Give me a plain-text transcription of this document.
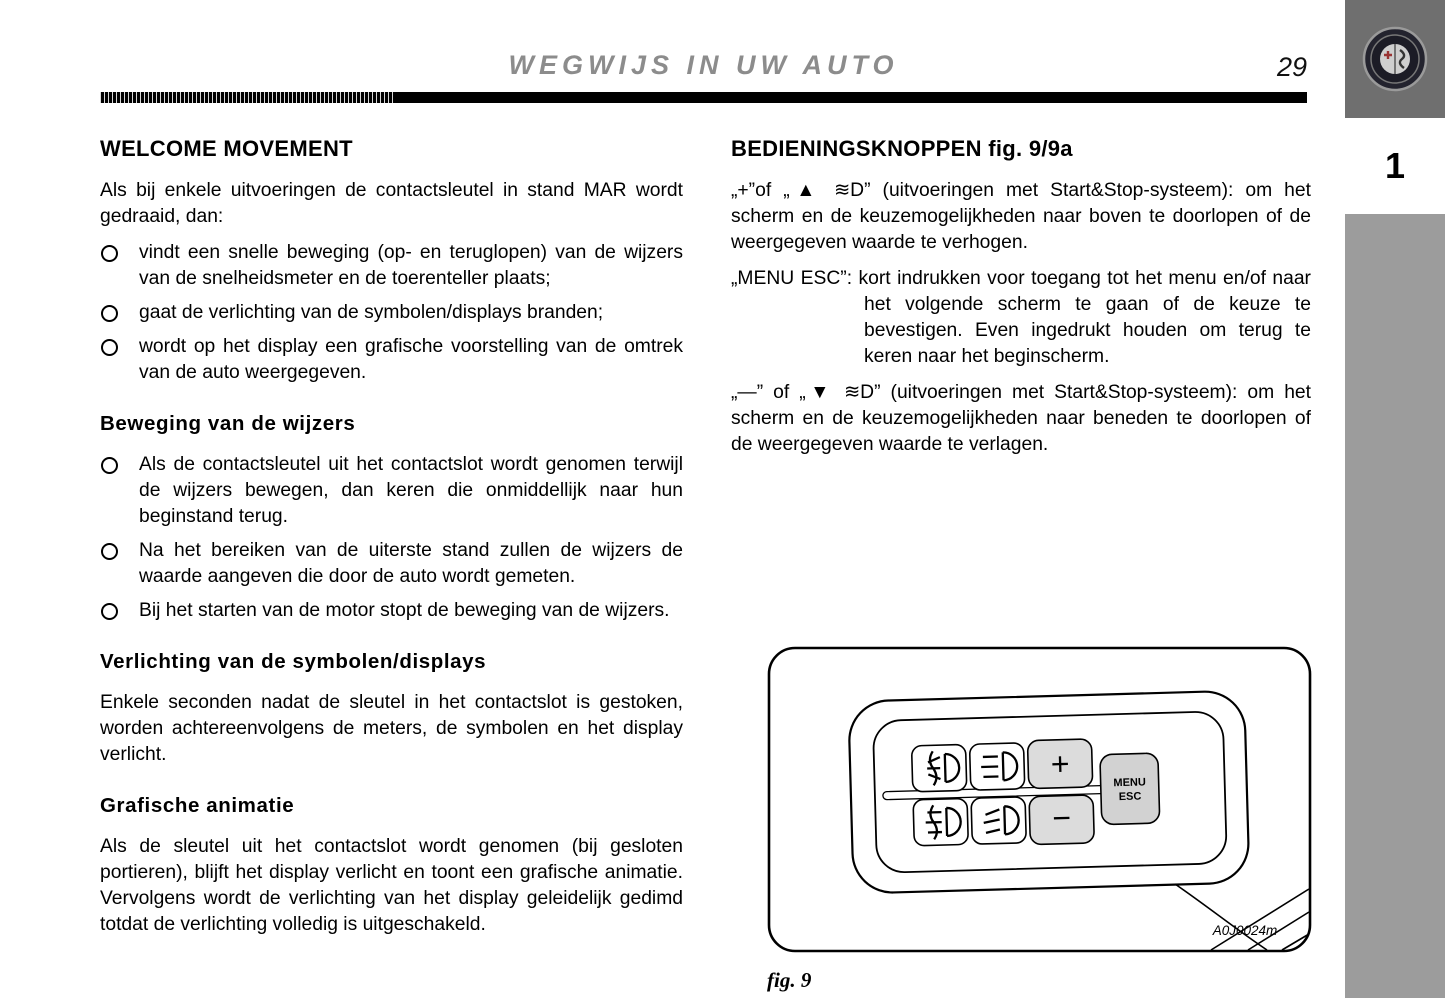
WEGWIJS IN UW AUTO	29
1
WELCOME MOVEMENT

Als bij enkele uitvoeringen de contactsleutel in stand MAR wordt gedraaid, dan:

vindt een snelle beweging (op- en teruglopen) van de wijzers van de snelheidsmeter en de toerenteller plaats;
gaat de verlichting van de symbolen/displays branden;
wordt op het display een grafische voorstelling van de omtrek van de auto weergegeven.
Beweging van de wijzers
Als de contactsleutel uit het contactslot wordt genomen terwijl de wijzers bewegen, dan keren die onmiddellijk naar hun beginstand terug.
Na het bereiken van de uiterste stand zullen de wijzers de waarde aangeven die door de auto wordt gemeten.
Bij het starten van de motor stopt de beweging van de wijzers.
Verlichting van de symbolen/displays

Enkele seconden nadat de sleutel in het contactslot is gestoken, worden achtereenvolgens de meters, de symbolen en het display verlicht.

Grafische animatie

Als de sleutel uit het contactslot wordt genomen (bij gesloten portieren), blijft het display verlicht en toont een grafische animatie. Vervolgens wordt de verlichting van het display geleidelijk gedimd totdat de verlichting volledig is uitgeschakeld.

BEDIENINGSKNOPPEN fig. 9/9a

„+”of „▲ ≋D” (uitvoeringen met Start&Stop-systeem): om het scherm en de keuzemogelijkheden naar boven te doorlopen of de weergegeven waarde te verhogen.

„MENU ESC”: kort indrukken voor toegang tot het menu en/of naar het volgende scherm te gaan of de keuze te bevestigen. Even ingedrukt houden om terug te keren naar het beginscherm.

„—” of „▼ ≋D” (uitvoeringen met Start&Stop-systeem): om het scherm en de keuzemogelijkheden naar beneden te doorlopen of de weergegeven waarde te verlagen.

+
−
MENU
ESC
A0J0024m
fig. 9
